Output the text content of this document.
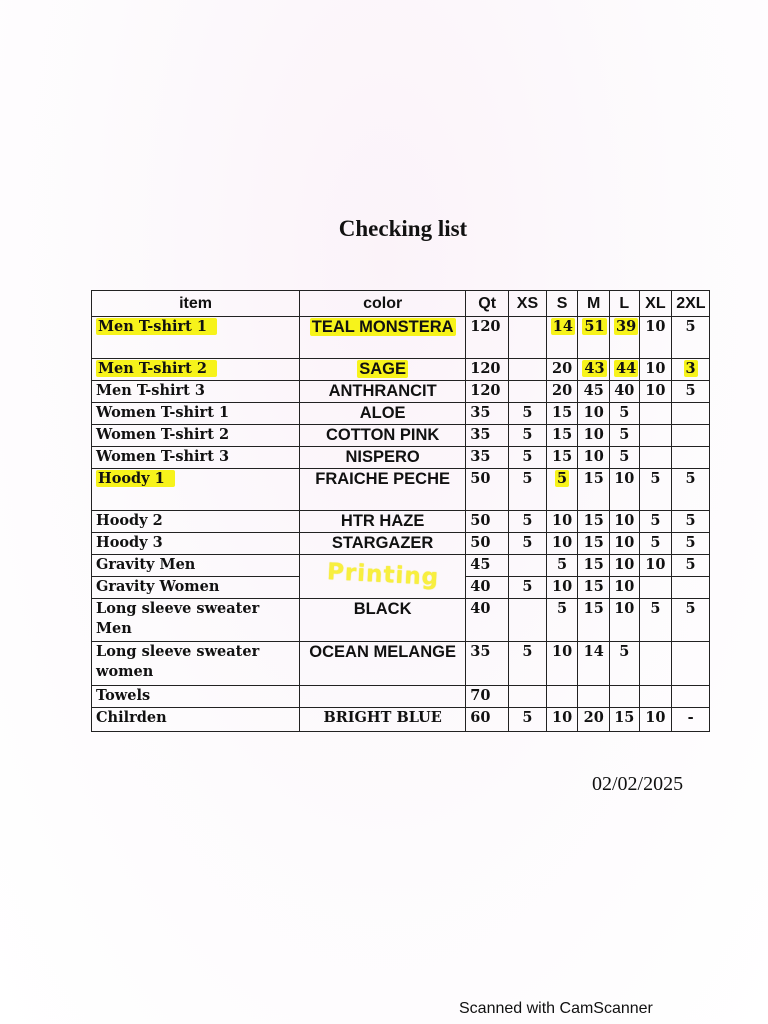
Checking list
item	color	Qt	XS	S	M	L	XL	2XL
Men T-shirt 1	TEAL MONSTERA	120		14	51	39	10	5
Men T-shirt 2	SAGE	120		20	43	44	10	3
Men T-shirt 3	ANTHRANCIT	120		20	45	40	10	5
Women T-shirt 1	ALOE	35	5	15	10	5		
Women T-shirt 2	COTTON PINK	35	5	15	10	5		
Women T-shirt 3	NISPERO	35	5	15	10	5		
Hoody 1	FRAICHE PECHE	50	5	5	15	10	5	5
Hoody 2	HTR HAZE	50	5	10	15	10	5	5
Hoody 3	STARGAZER	50	5	10	15	10	5	5
Gravity Men	Printing	45		5	15	10	10	5
Gravity Women		40	5	10	15	10		
Long sleeve sweater Men	BLACK	40		5	15	10	5	5
Long sleeve sweater women	OCEAN MELANGE	35	5	10	14	5		
Towels		70						
Chilrden	BRIGHT BLUE	60	5	10	20	15	10	-
02/02/2025
Scanned with CamScanner
